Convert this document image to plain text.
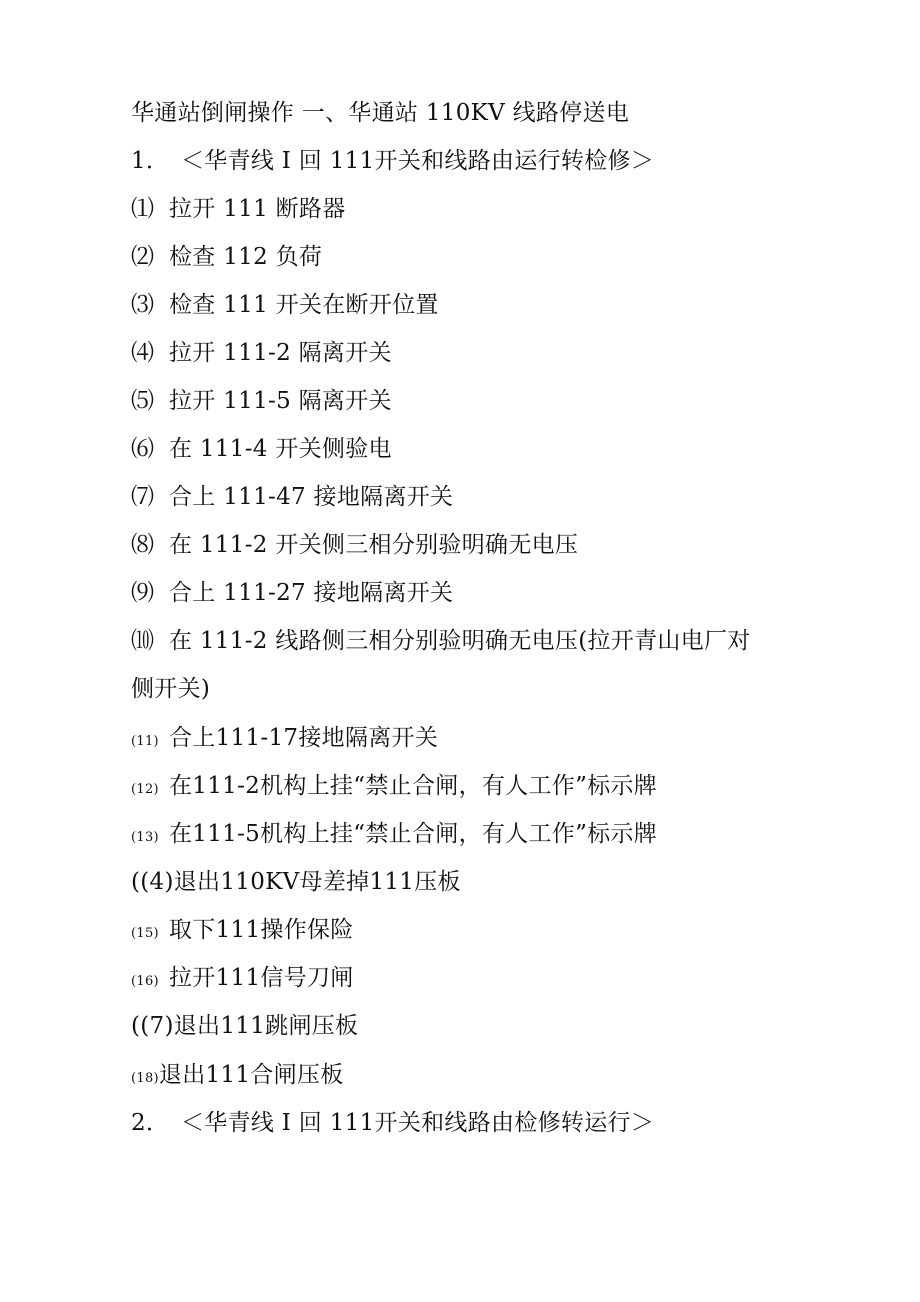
华通站倒闸操作 一、华通站 110KV 线路停送电
1． ＜华青线 I 回 111开关和线路由运行转检修＞
⑴ 拉开 111 断路器
⑵ 检查 112 负荷
⑶ 检查 111 开关在断开位置
⑷ 拉开 111-2 隔离开关
⑸ 拉开 111-5 隔离开关
⑹ 在 111-4 开关侧验电
⑺ 合上 111-47 接地隔离开关
⑻ 在 111-2 开关侧三相分别验明确无电压
⑼ 合上 111-27 接地隔离开关
⑽ 在 111-2 线路侧三相分别验明确无电压(拉开青山电厂对
侧开关)
(11) 合上111-17接地隔离开关
(12) 在111-2机构上挂“禁止合闸，有人工作”标示牌
(13) 在111-5机构上挂“禁止合闸，有人工作”标示牌
((4)退出110KV母差掉111压板
(15) 取下111操作保险
(16) 拉开111信号刀闸
((7)退出111跳闸压板
(18)退出111合闸压板
2． ＜华青线 I 回 111开关和线路由检修转运行＞
